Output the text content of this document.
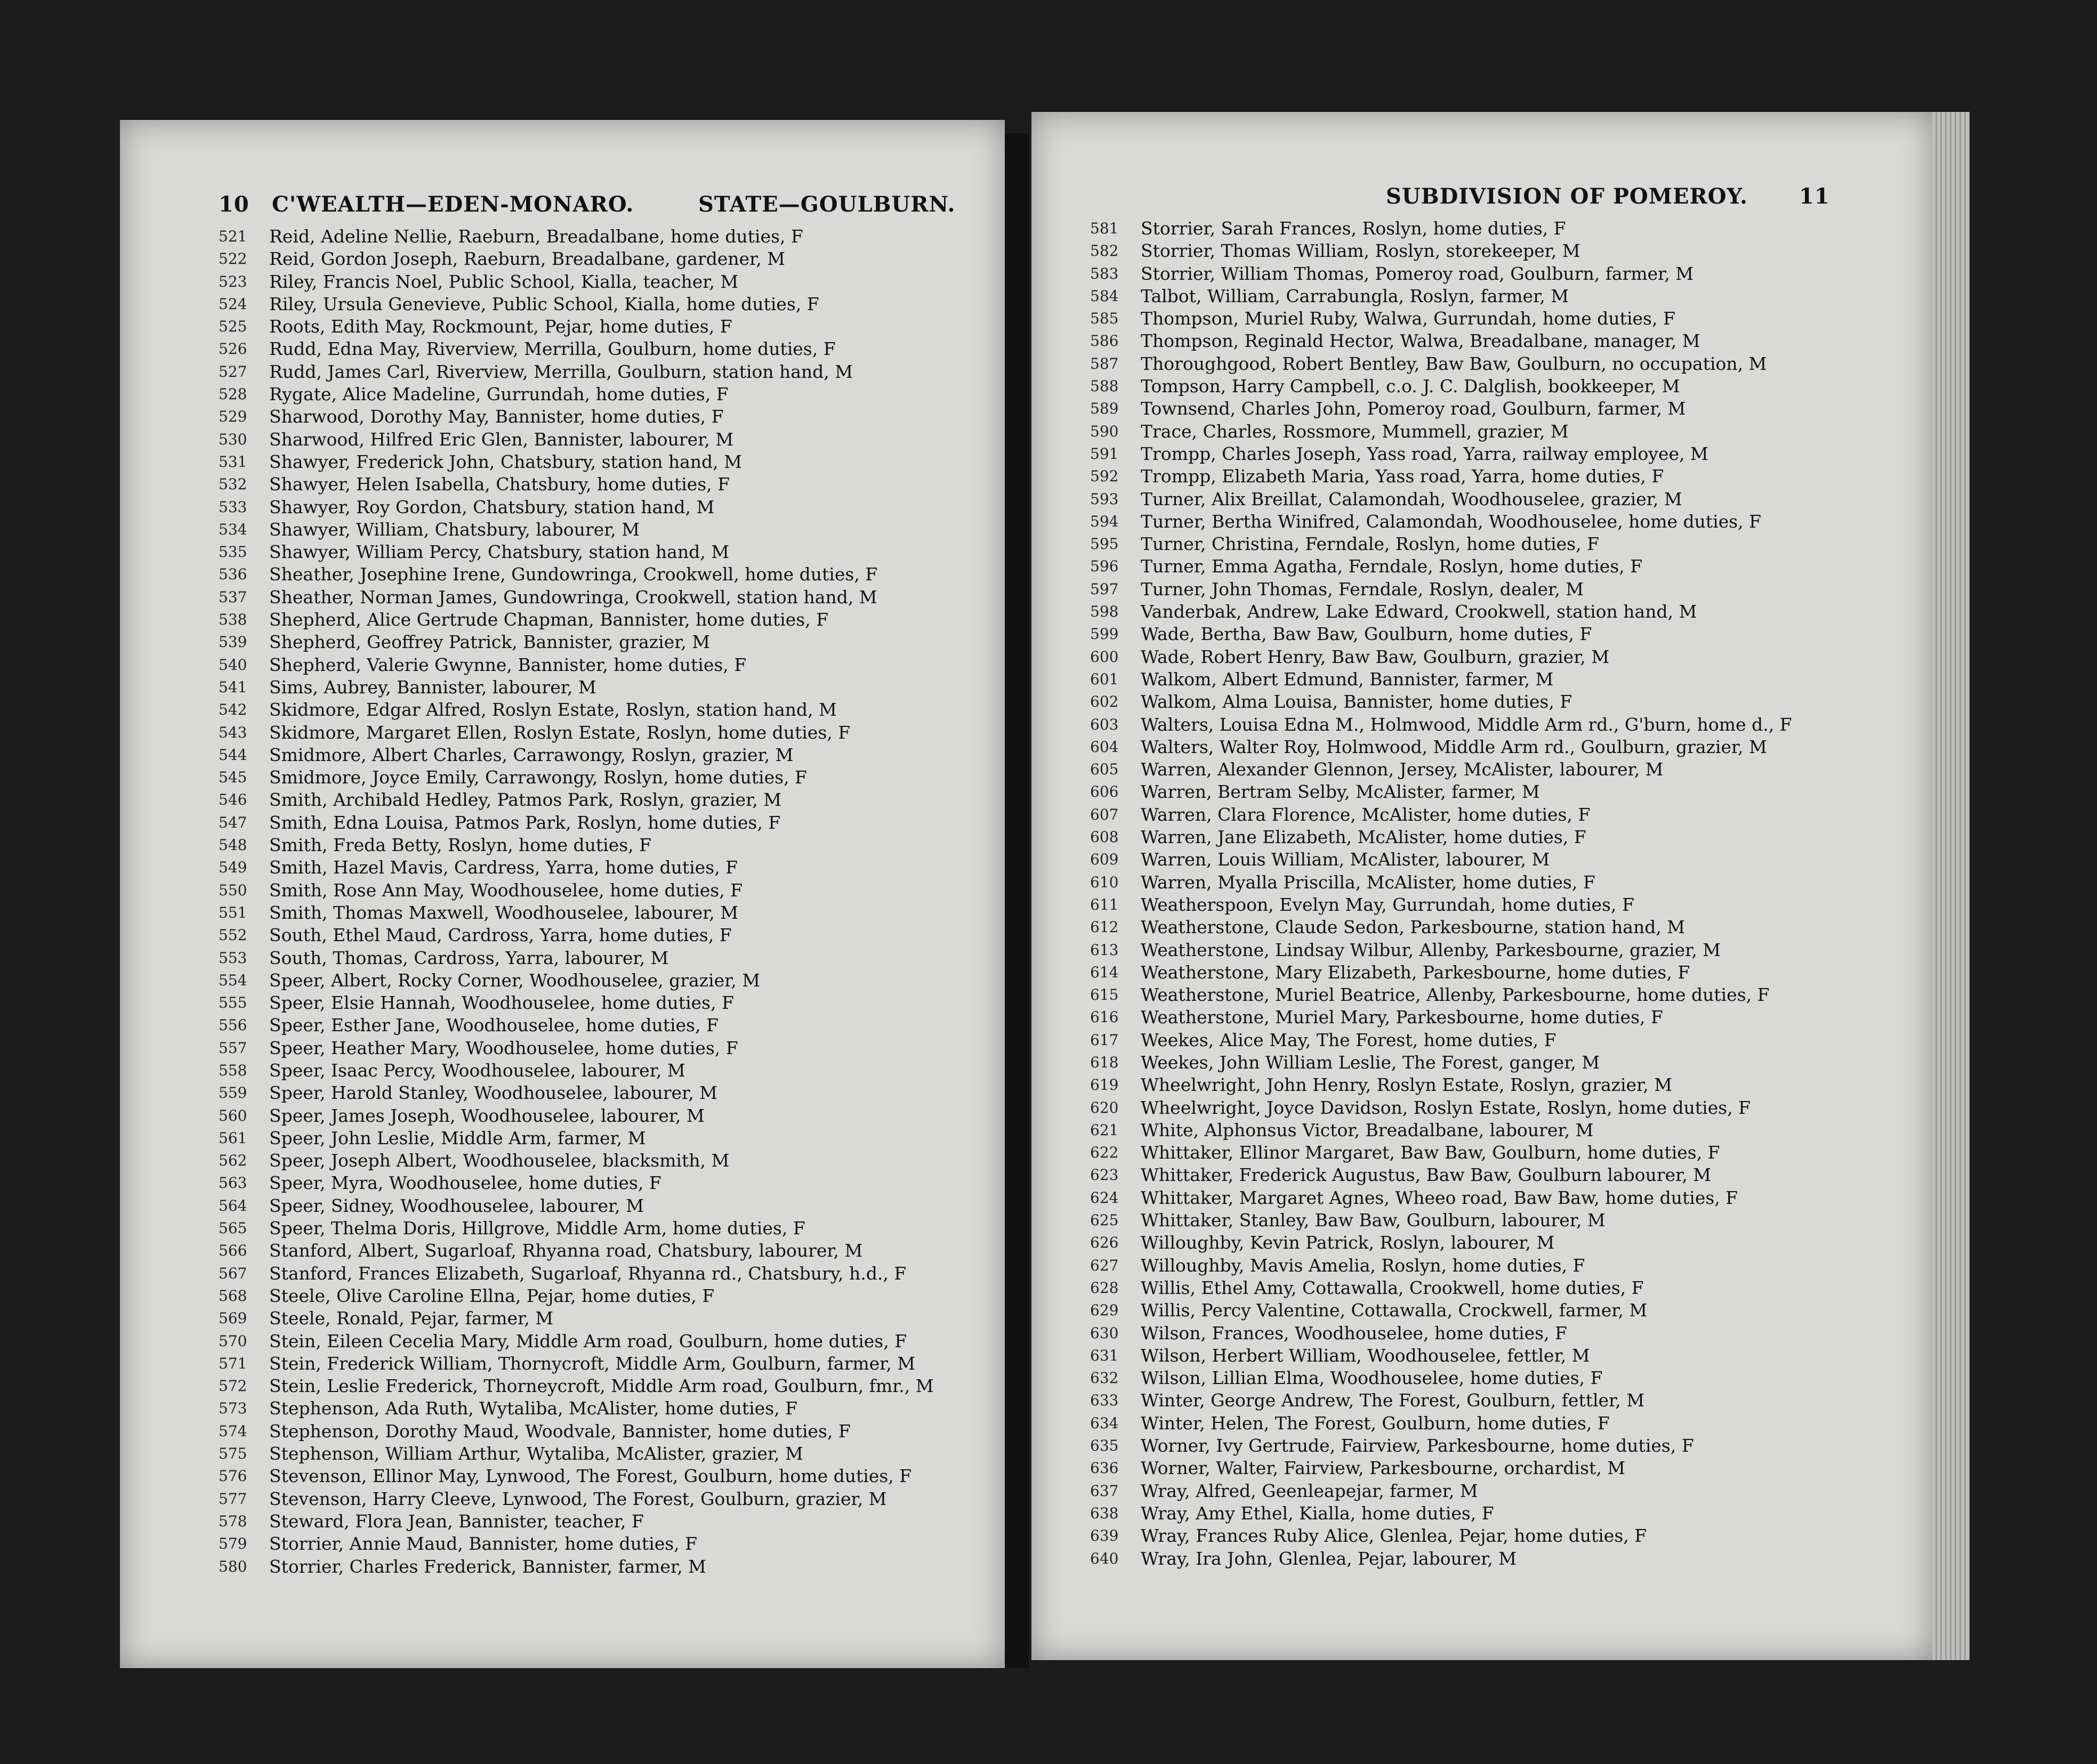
10 C'WEALTH—EDEN-MONARO.	STATE—GOULBURN.
521	Reid, Adeline Nellie, Raeburn, Breadalbane, home duties, F
522	Reid, Gordon Joseph, Raeburn, Breadalbane, gardener, M
523	Riley, Francis Noel, Public School, Kialla, teacher, M
524	Riley, Ursula Genevieve, Public School, Kialla, home duties, F
525	Roots, Edith May, Rockmount, Pejar, home duties, F
526	Rudd, Edna May, Riverview, Merrilla, Goulburn, home duties, F
527	Rudd, James Carl, Riverview, Merrilla, Goulburn, station hand, M
528	Rygate, Alice Madeline, Gurrundah, home duties, F
529	Sharwood, Dorothy May, Bannister, home duties, F
530	Sharwood, Hilfred Eric Glen, Bannister, labourer, M
531	Shawyer, Frederick John, Chatsbury, station hand, M
532	Shawyer, Helen Isabella, Chatsbury, home duties, F
533	Shawyer, Roy Gordon, Chatsbury, station hand, M
534	Shawyer, William, Chatsbury, labourer, M
535	Shawyer, William Percy, Chatsbury, station hand, M
536	Sheather, Josephine Irene, Gundowringa, Crookwell, home duties, F
537	Sheather, Norman James, Gundowringa, Crookwell, station hand, M
538	Shepherd, Alice Gertrude Chapman, Bannister, home duties, F
539	Shepherd, Geoffrey Patrick, Bannister, grazier, M
540	Shepherd, Valerie Gwynne, Bannister, home duties, F
541	Sims, Aubrey, Bannister, labourer, M
542	Skidmore, Edgar Alfred, Roslyn Estate, Roslyn, station hand, M
543	Skidmore, Margaret Ellen, Roslyn Estate, Roslyn, home duties, F
544	Smidmore, Albert Charles, Carrawongy, Roslyn, grazier, M
545	Smidmore, Joyce Emily, Carrawongy, Roslyn, home duties, F
546	Smith, Archibald Hedley, Patmos Park, Roslyn, grazier, M
547	Smith, Edna Louisa, Patmos Park, Roslyn, home duties, F
548	Smith, Freda Betty, Roslyn, home duties, F
549	Smith, Hazel Mavis, Cardress, Yarra, home duties, F
550	Smith, Rose Ann May, Woodhouselee, home duties, F
551	Smith, Thomas Maxwell, Woodhouselee, labourer, M
552	South, Ethel Maud, Cardross, Yarra, home duties, F
553	South, Thomas, Cardross, Yarra, labourer, M
554	Speer, Albert, Rocky Corner, Woodhouselee, grazier, M
555	Speer, Elsie Hannah, Woodhouselee, home duties, F
556	Speer, Esther Jane, Woodhouselee, home duties, F
557	Speer, Heather Mary, Woodhouselee, home duties, F
558	Speer, Isaac Percy, Woodhouselee, labourer, M
559	Speer, Harold Stanley, Woodhouselee, labourer, M
560	Speer, James Joseph, Woodhouselee, labourer, M
561	Speer, John Leslie, Middle Arm, farmer, M
562	Speer, Joseph Albert, Woodhouselee, blacksmith, M
563	Speer, Myra, Woodhouselee, home duties, F
564	Speer, Sidney, Woodhouselee, labourer, M
565	Speer, Thelma Doris, Hillgrove, Middle Arm, home duties, F
566	Stanford, Albert, Sugarloaf, Rhyanna road, Chatsbury, labourer, M
567	Stanford, Frances Elizabeth, Sugarloaf, Rhyanna rd., Chatsbury, h.d., F
568	Steele, Olive Caroline Ellna, Pejar, home duties, F
569	Steele, Ronald, Pejar, farmer, M
570	Stein, Eileen Cecelia Mary, Middle Arm road, Goulburn, home duties, F
571	Stein, Frederick William, Thornycroft, Middle Arm, Goulburn, farmer, M
572	Stein, Leslie Frederick, Thorneycroft, Middle Arm road, Goulburn, fmr., M
573	Stephenson, Ada Ruth, Wytaliba, McAlister, home duties, F
574	Stephenson, Dorothy Maud, Woodvale, Bannister, home duties, F
575	Stephenson, William Arthur, Wytaliba, McAlister, grazier, M
576	Stevenson, Ellinor May, Lynwood, The Forest, Goulburn, home duties, F
577	Stevenson, Harry Cleeve, Lynwood, The Forest, Goulburn, grazier, M
578	Steward, Flora Jean, Bannister, teacher, F
579	Storrier, Annie Maud, Bannister, home duties, F
580	Storrier, Charles Frederick, Bannister, farmer, M
SUBDIVISION OF POMEROY. 11
581	Storrier, Sarah Frances, Roslyn, home duties, F
582	Storrier, Thomas William, Roslyn, storekeeper, M
583	Storrier, William Thomas, Pomeroy road, Goulburn, farmer, M
584	Talbot, William, Carrabungla, Roslyn, farmer, M
585	Thompson, Muriel Ruby, Walwa, Gurrundah, home duties, F
586	Thompson, Reginald Hector, Walwa, Breadalbane, manager, M
587	Thoroughgood, Robert Bentley, Baw Baw, Goulburn, no occupation, M
588	Tompson, Harry Campbell, c.o. J. C. Dalglish, bookkeeper, M
589	Townsend, Charles John, Pomeroy road, Goulburn, farmer, M
590	Trace, Charles, Rossmore, Mummell, grazier, M
591	Trompp, Charles Joseph, Yass road, Yarra, railway employee, M
592	Trompp, Elizabeth Maria, Yass road, Yarra, home duties, F
593	Turner, Alix Breillat, Calamondah, Woodhouselee, grazier, M
594	Turner, Bertha Winifred, Calamondah, Woodhouselee, home duties, F
595	Turner, Christina, Ferndale, Roslyn, home duties, F
596	Turner, Emma Agatha, Ferndale, Roslyn, home duties, F
597	Turner, John Thomas, Ferndale, Roslyn, dealer, M
598	Vanderbak, Andrew, Lake Edward, Crookwell, station hand, M
599	Wade, Bertha, Baw Baw, Goulburn, home duties, F
600	Wade, Robert Henry, Baw Baw, Goulburn, grazier, M
601	Walkom, Albert Edmund, Bannister, farmer, M
602	Walkom, Alma Louisa, Bannister, home duties, F
603	Walters, Louisa Edna M., Holmwood, Middle Arm rd., G'burn, home d., F
604	Walters, Walter Roy, Holmwood, Middle Arm rd., Goulburn, grazier, M
605	Warren, Alexander Glennon, Jersey, McAlister, labourer, M
606	Warren, Bertram Selby, McAlister, farmer, M
607	Warren, Clara Florence, McAlister, home duties, F
608	Warren, Jane Elizabeth, McAlister, home duties, F
609	Warren, Louis William, McAlister, labourer, M
610	Warren, Myalla Priscilla, McAlister, home duties, F
611	Weatherspoon, Evelyn May, Gurrundah, home duties, F
612	Weatherstone, Claude Sedon, Parkesbourne, station hand, M
613	Weatherstone, Lindsay Wilbur, Allenby, Parkesbourne, grazier, M
614	Weatherstone, Mary Elizabeth, Parkesbourne, home duties, F
615	Weatherstone, Muriel Beatrice, Allenby, Parkesbourne, home duties, F
616	Weatherstone, Muriel Mary, Parkesbourne, home duties, F
617	Weekes, Alice May, The Forest, home duties, F
618	Weekes, John William Leslie, The Forest, ganger, M
619	Wheelwright, John Henry, Roslyn Estate, Roslyn, grazier, M
620	Wheelwright, Joyce Davidson, Roslyn Estate, Roslyn, home duties, F
621	White, Alphonsus Victor, Breadalbane, labourer, M
622	Whittaker, Ellinor Margaret, Baw Baw, Goulburn, home duties, F
623	Whittaker, Frederick Augustus, Baw Baw, Goulburn labourer, M
624	Whittaker, Margaret Agnes, Wheeo road, Baw Baw, home duties, F
625	Whittaker, Stanley, Baw Baw, Goulburn, labourer, M
626	Willoughby, Kevin Patrick, Roslyn, labourer, M
627	Willoughby, Mavis Amelia, Roslyn, home duties, F
628	Willis, Ethel Amy, Cottawalla, Crookwell, home duties, F
629	Willis, Percy Valentine, Cottawalla, Crockwell, farmer, M
630	Wilson, Frances, Woodhouselee, home duties, F
631	Wilson, Herbert William, Woodhouselee, fettler, M
632	Wilson, Lillian Elma, Woodhouselee, home duties, F
633	Winter, George Andrew, The Forest, Goulburn, fettler, M
634	Winter, Helen, The Forest, Goulburn, home duties, F
635	Worner, Ivy Gertrude, Fairview, Parkesbourne, home duties, F
636	Worner, Walter, Fairview, Parkesbourne, orchardist, M
637	Wray, Alfred, Geenleapejar, farmer, M
638	Wray, Amy Ethel, Kialla, home duties, F
639	Wray, Frances Ruby Alice, Glenlea, Pejar, home duties, F
640	Wray, Ira John, Glenlea, Pejar, labourer, M
